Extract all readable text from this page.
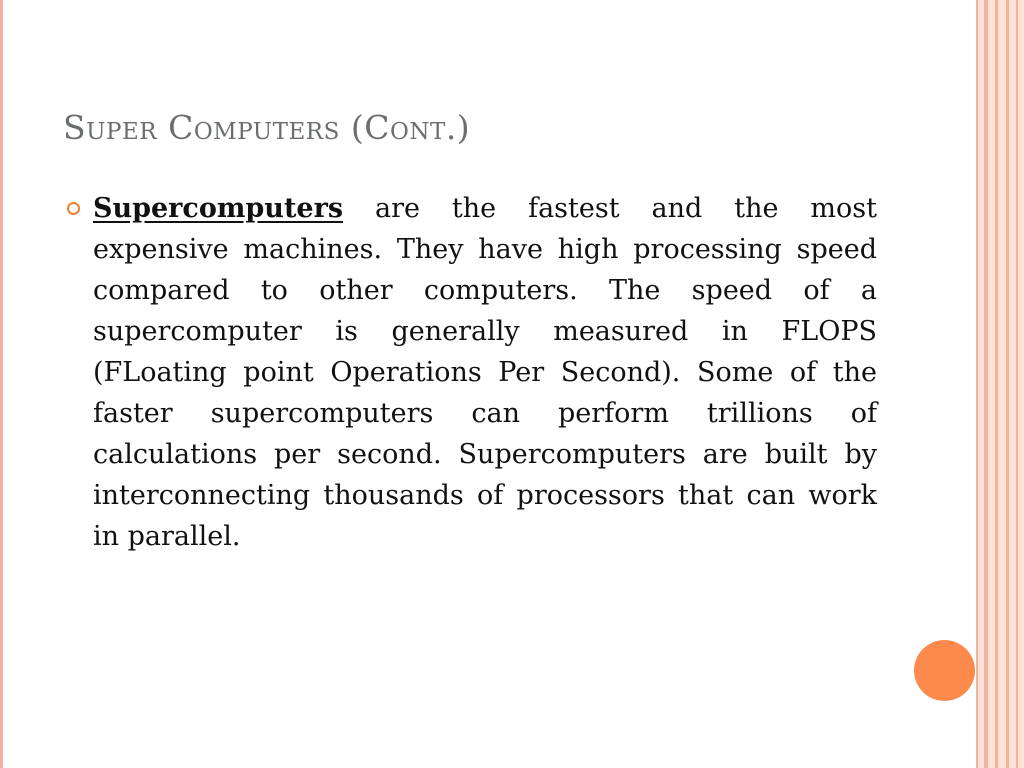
Super Computers (Cont.)

Supercomputers are the fastest and the most expensive machines. They have high processing speed compared to other computers. The speed of a supercomputer is generally measured in FLOPS (FLoating point Operations Per Second). Some of the faster supercomputers can perform trillions of calculations per second. Supercomputers are built by interconnecting thousands of processors that can work in parallel.
